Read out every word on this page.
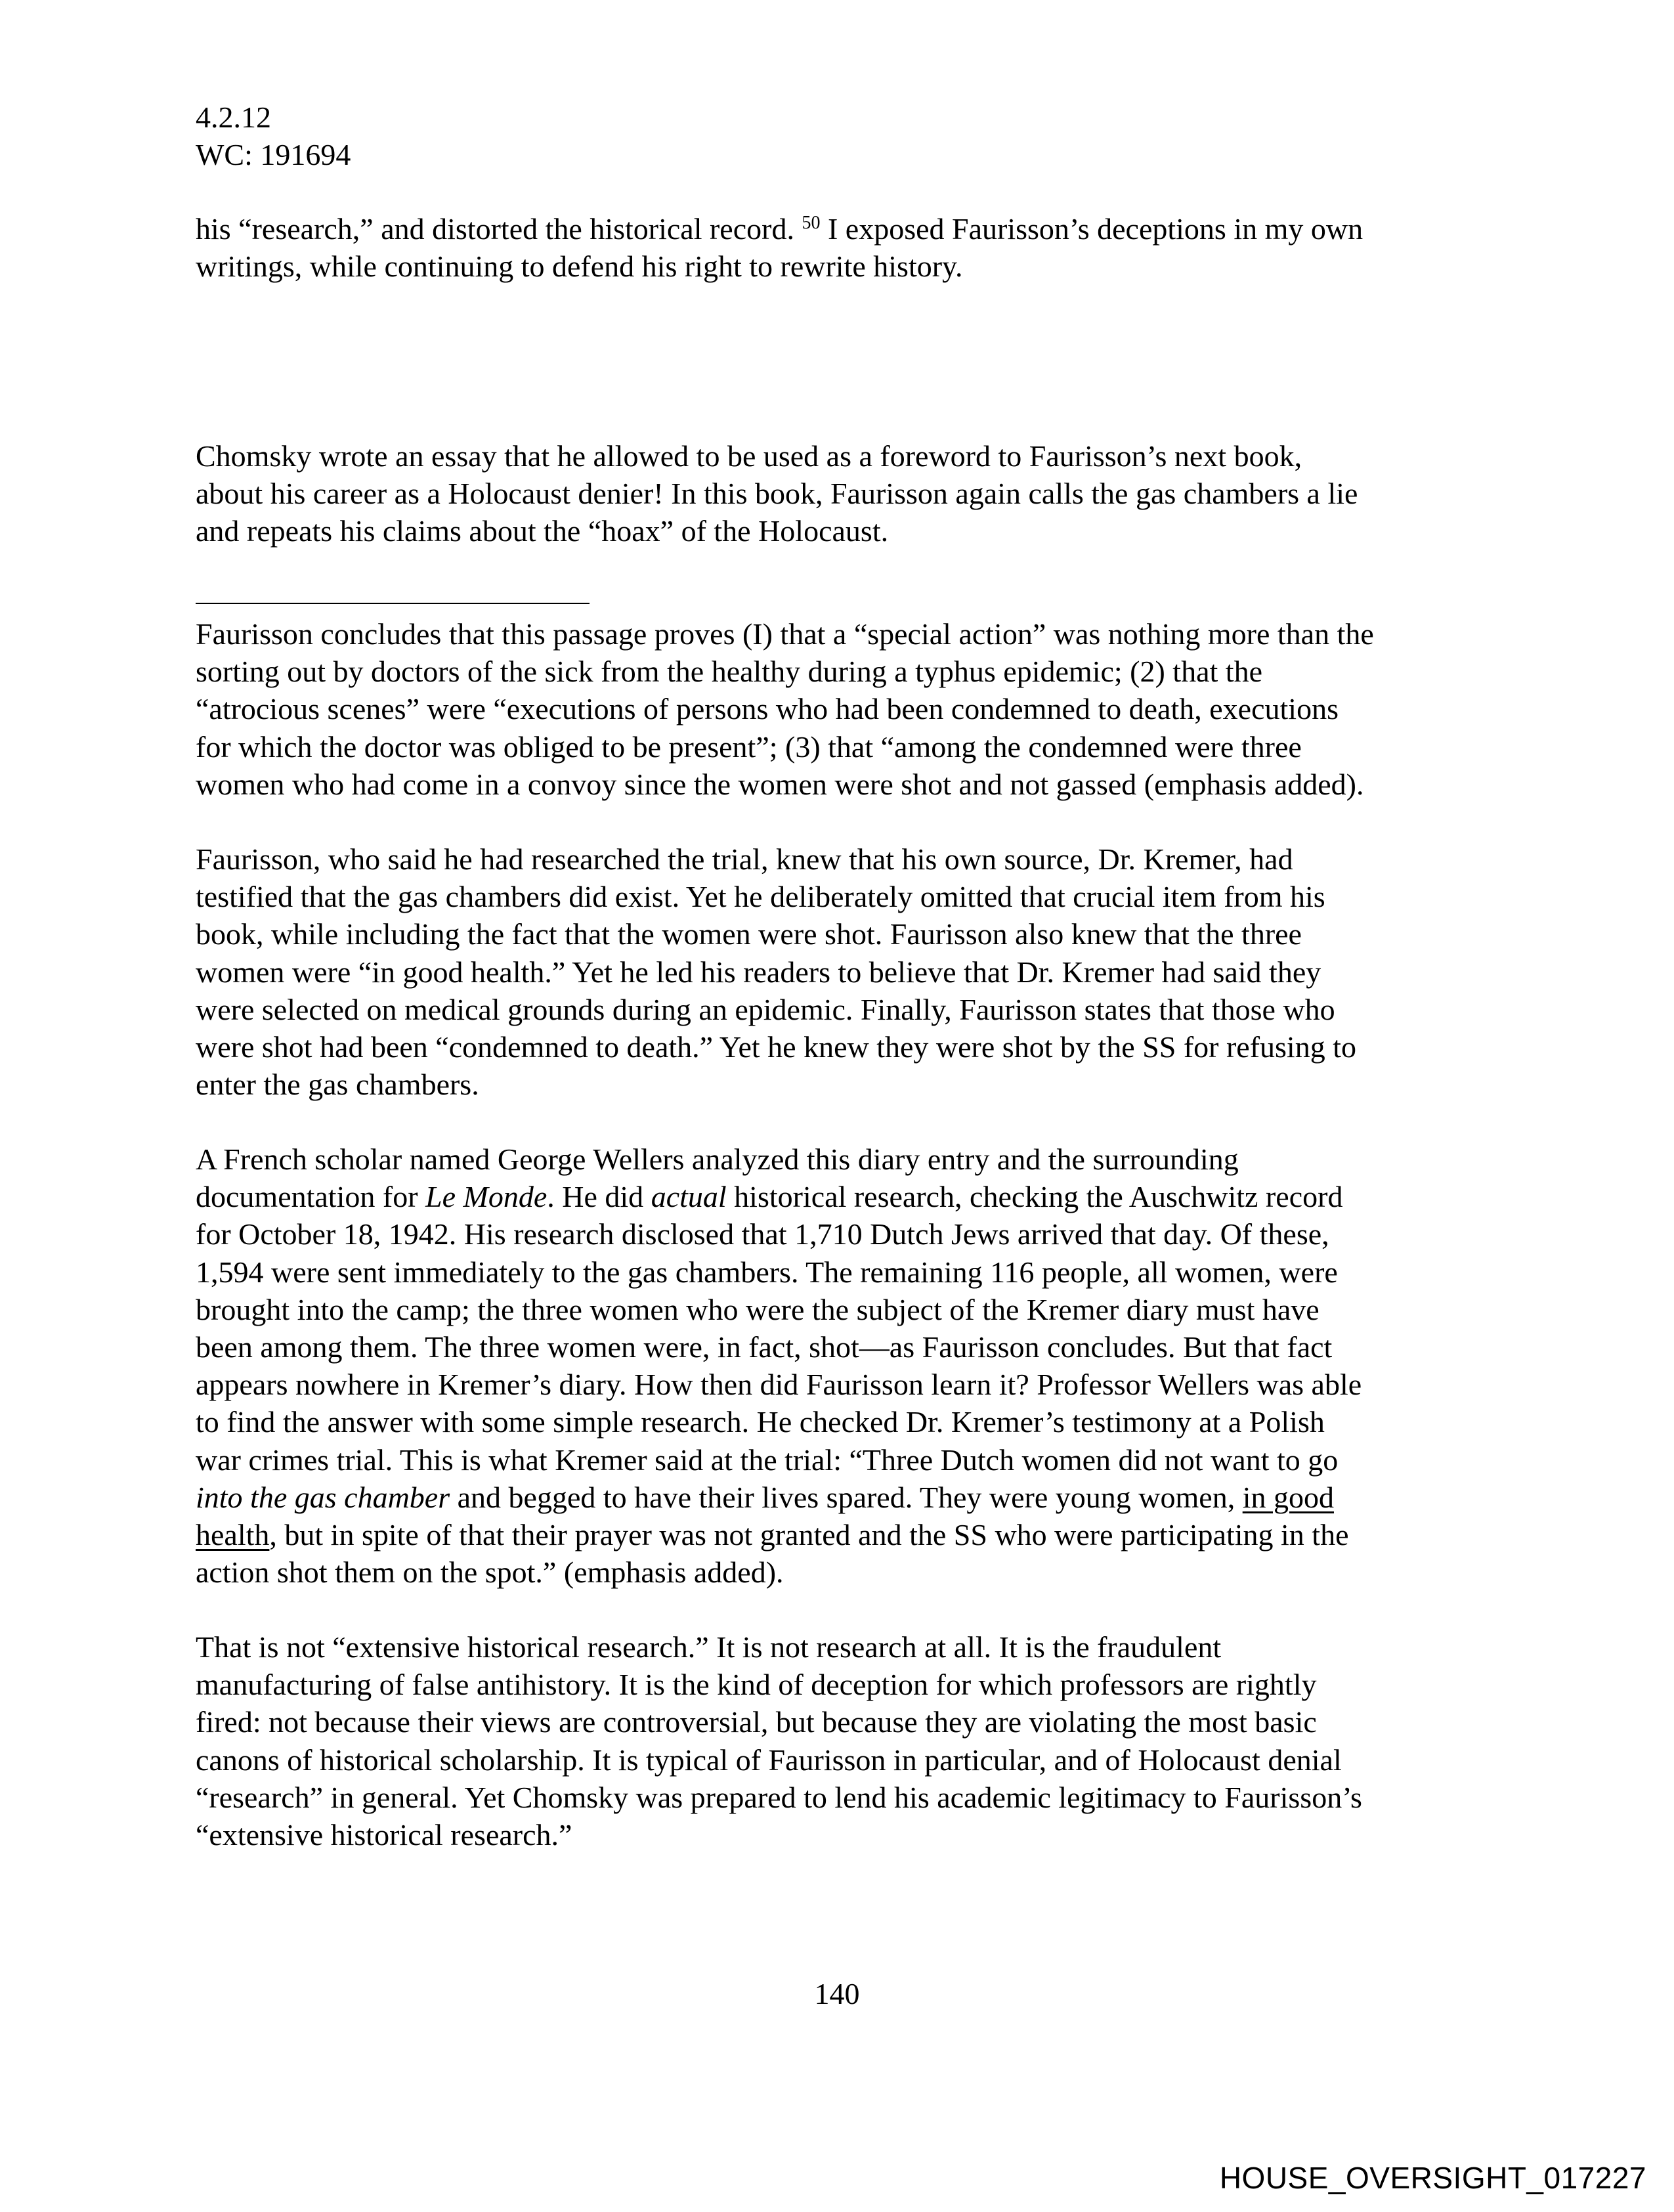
4.2.12
WC: 191694
his “research,” and distorted the historical record. $^{50}$ I exposed Faurisson’s deceptions in my own
writings, while continuing to defend his right to rewrite history.
Chomsky wrote an essay that he allowed to be used as a foreword to Faurisson’s next book,
about his career as a Holocaust denier! In this book, Faurisson again calls the gas chambers a lie
and repeats his claims about the “hoax” of the Holocaust.
Faurisson concludes that this passage proves (I) that a “special action” was nothing more than the
sorting out by doctors of the sick from the healthy during a typhus epidemic; (2) that the
“atrocious scenes” were “executions of persons who had been condemned to death, executions
for which the doctor was obliged to be present”; (3) that “among the condemned were three
women who had come in a convoy since the women were shot and not gassed (emphasis added).
Faurisson, who said he had researched the trial, knew that his own source, Dr. Kremer, had
testified that the gas chambers did exist. Yet he deliberately omitted that crucial item from his
book, while including the fact that the women were shot. Faurisson also knew that the three
women were “in good health.” Yet he led his readers to believe that Dr. Kremer had said they
were selected on medical grounds during an epidemic. Finally, Faurisson states that those who
were shot had been “condemned to death.” Yet he knew they were shot by the SS for refusing to
enter the gas chambers.
A French scholar named George Wellers analyzed this diary entry and the surrounding
documentation for Le Monde. He did actual historical research, checking the Auschwitz record
for October 18, 1942. His research disclosed that 1,710 Dutch Jews arrived that day. Of these,
1,594 were sent immediately to the gas chambers. The remaining 116 people, all women, were
brought into the camp; the three women who were the subject of the Kremer diary must have
been among them. The three women were, in fact, shot—as Faurisson concludes. But that fact
appears nowhere in Kremer’s diary. How then did Faurisson learn it? Professor Wellers was able
to find the answer with some simple research. He checked Dr. Kremer’s testimony at a Polish
war crimes trial. This is what Kremer said at the trial: “Three Dutch women did not want to go
into the gas chamber and begged to have their lives spared. They were young women, in good
health, but in spite of that their prayer was not granted and the SS who were participating in the
action shot them on the spot.” (emphasis added).
That is not “extensive historical research.” It is not research at all. It is the fraudulent
manufacturing of false antihistory. It is the kind of deception for which professors are rightly
fired: not because their views are controversial, but because they are violating the most basic
canons of historical scholarship. It is typical of Faurisson in particular, and of Holocaust denial
“research” in general. Yet Chomsky was prepared to lend his academic legitimacy to Faurisson’s
“extensive historical research.”
140
HOUSE_OVERSIGHT_017227
